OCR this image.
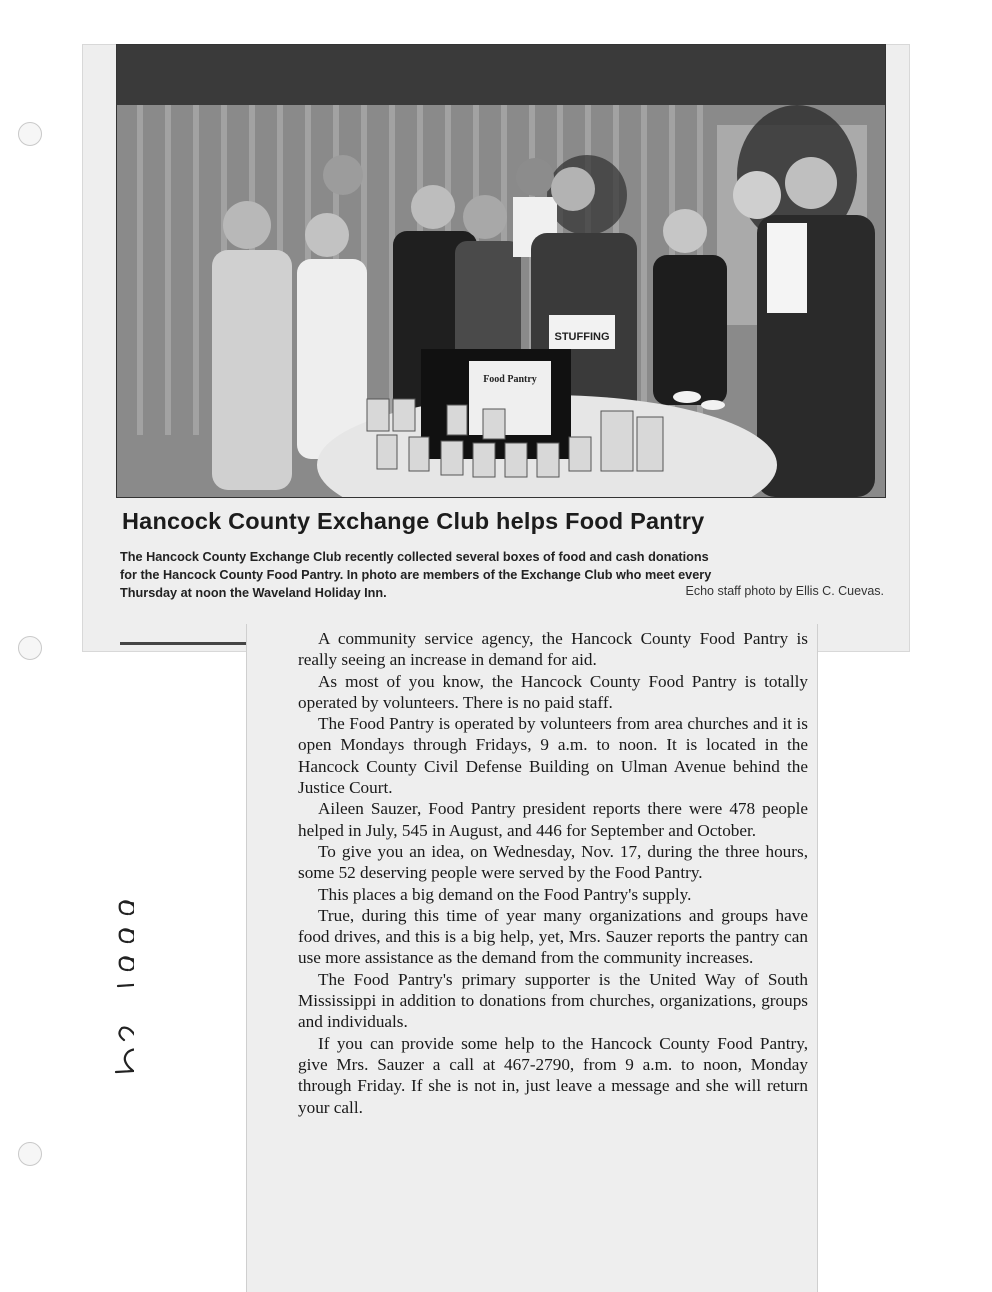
Food Pantry
STUFFING
Hancock County Exchange Club helps Food Pantry
The Hancock County Exchange Club recently collected several boxes of food and cash donations
for the Hancock County Food Pantry. In photo are members of the Exchange Club who meet every
Thursday at noon the Waveland Holiday Inn.	Echo staff photo by Ellis C. Cuevas.

A community service agency, the Hancock County Food Pantry is really seeing an increase in demand for aid.

As most of you know, the Hancock County Food Pantry is totally operated by volunteers. There is no paid staff.

The Food Pantry is operated by volunteers from area churches and it is open Mondays through Fridays, 9 a.m. to noon. It is located in the Hancock County Civil Defense Building on Ulman Avenue behind the Justice Court.

Aileen Sauzer, Food Pantry president reports there were 478 people helped in July, 545 in August, and 446 for September and October.

To give you an idea, on Wednesday, Nov. 17, during the three hours, some 52 deserving people were served by the Food Pantry.

This places a big demand on the Food Pantry's supply.

True, during this time of year many organizations and groups have food drives, and this is a big help, yet, Mrs. Sauzer reports the pantry can use more assistance as the demand from the community increases.

The Food Pantry's primary supporter is the United Way of South Mississippi in addition to donations from churches, organizations, groups and individuals.

If you can provide some help to the Hancock County Food Pantry, give Mrs. Sauzer a call at 467-2790, from 9 a.m. to noon, Monday through Friday. If she is not in, just leave a message and she will return your call.
